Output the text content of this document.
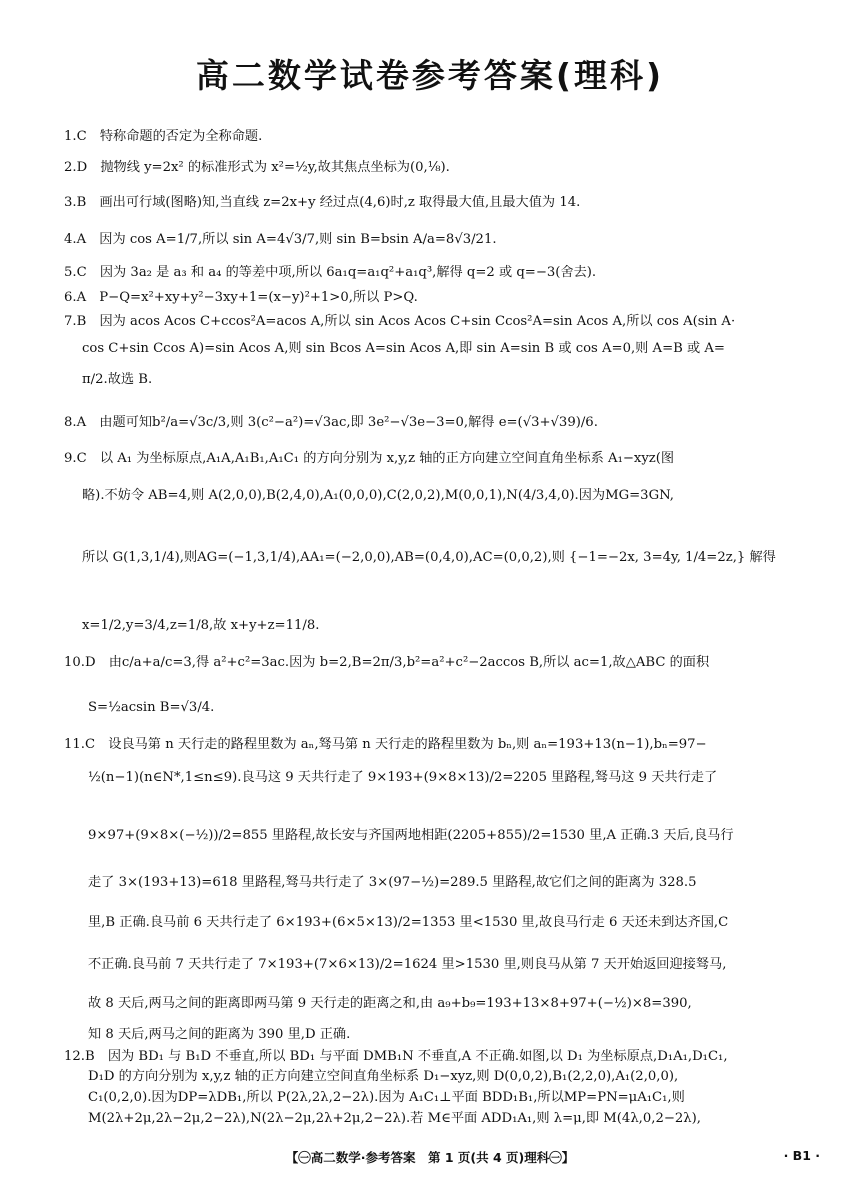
高二数学试卷参考答案(理科)
1.C　特称命题的否定为全称命题.
2.D　抛物线 y=2x² 的标准形式为 x²=½y,故其焦点坐标为(0,⅛).
3.B　画出可行域(图略)知,当直线 z=2x+y 经过点(4,6)时,z 取得最大值,且最大值为 14.
4.A　因为 cos A=1/7,所以 sin A=4√3/7,则 sin B=bsin A/a=8√3/21.
5.C　因为 3a₂ 是 a₃ 和 a₄ 的等差中项,所以 6a₁q=a₁q²+a₁q³,解得 q=2 或 q=−3(舍去).
6.A　P−Q=x²+xy+y²−3xy+1=(x−y)²+1>0,所以 P>Q.
7.B　因为 acos Acos C+ccos²A=acos A,所以 sin Acos Acos C+sin Ccos²A=sin Acos A,所以 cos A(sin A·
cos C+sin Ccos A)=sin Acos A,则 sin Bcos A=sin Acos A,即 sin A=sin B 或 cos A=0,则 A=B 或 A=
π/2.故选 B.
8.A　由题可知b²/a=√3c/3,则 3(c²−a²)=√3ac,即 3e²−√3e−3=0,解得 e=(√3+√39)/6.
9.C　以 A₁ 为坐标原点,A₁A,A₁B₁,A₁C₁ 的方向分别为 x,y,z 轴的正方向建立空间直角坐标系 A₁−xyz(图
略).不妨令 AB=4,则 A(2,0,0),B(2,4,0),A₁(0,0,0),C(2,0,2),M(0,0,1),N(4/3,4,0).因为MG=3GN,
所以 G(1,3,1/4),则AG=(−1,3,1/4),AA₁=(−2,0,0),AB=(0,4,0),AC=(0,0,2),则 {−1=−2x, 3=4y, 1/4=2z,} 解得
x=1/2,y=3/4,z=1/8,故 x+y+z=11/8.
10.D　由c/a+a/c=3,得 a²+c²=3ac.因为 b=2,B=2π/3,b²=a²+c²−2accos B,所以 ac=1,故△ABC 的面积
S=½acsin B=√3/4.
11.C　设良马第 n 天行走的路程里数为 aₙ,驽马第 n 天行走的路程里数为 bₙ,则 aₙ=193+13(n−1),bₙ=97−
½(n−1)(n∈N*,1≤n≤9).良马这 9 天共行走了 9×193+(9×8×13)/2=2205 里路程,驽马这 9 天共行走了
9×97+(9×8×(−½))/2=855 里路程,故长安与齐国两地相距(2205+855)/2=1530 里,A 正确.3 天后,良马行
走了 3×(193+13)=618 里路程,驽马共行走了 3×(97−½)=289.5 里路程,故它们之间的距离为 328.5
里,B 正确.良马前 6 天共行走了 6×193+(6×5×13)/2=1353 里<1530 里,故良马行走 6 天还未到达齐国,C
不正确.良马前 7 天共行走了 7×193+(7×6×13)/2=1624 里>1530 里,则良马从第 7 天开始返回迎接驽马,
故 8 天后,两马之间的距离即两马第 9 天行走的距离之和,由 a₉+b₉=193+13×8+97+(−½)×8=390,
知 8 天后,两马之间的距离为 390 里,D 正确.
12.B　因为 BD₁ 与 B₁D 不垂直,所以 BD₁ 与平面 DMB₁N 不垂直,A 不正确.如图,以 D₁ 为坐标原点,D₁A₁,D₁C₁,
D₁D 的方向分别为 x,y,z 轴的正方向建立空间直角坐标系 D₁−xyz,则 D(0,0,2),B₁(2,2,0),A₁(2,0,0),
C₁(0,2,0).因为DP=λDB₁,所以 P(2λ,2λ,2−2λ).因为 A₁C₁⊥平面 BDD₁B₁,所以MP=PN=μA₁C₁,则
M(2λ+2μ,2λ−2μ,2−2λ),N(2λ−2μ,2λ+2μ,2−2λ).若 M∈平面 ADD₁A₁,则 λ=μ,即 M(4λ,0,2−2λ),
【㊀高二数学·参考答案　第 1 页(共 4 页)理科㊀】	· B1 ·
